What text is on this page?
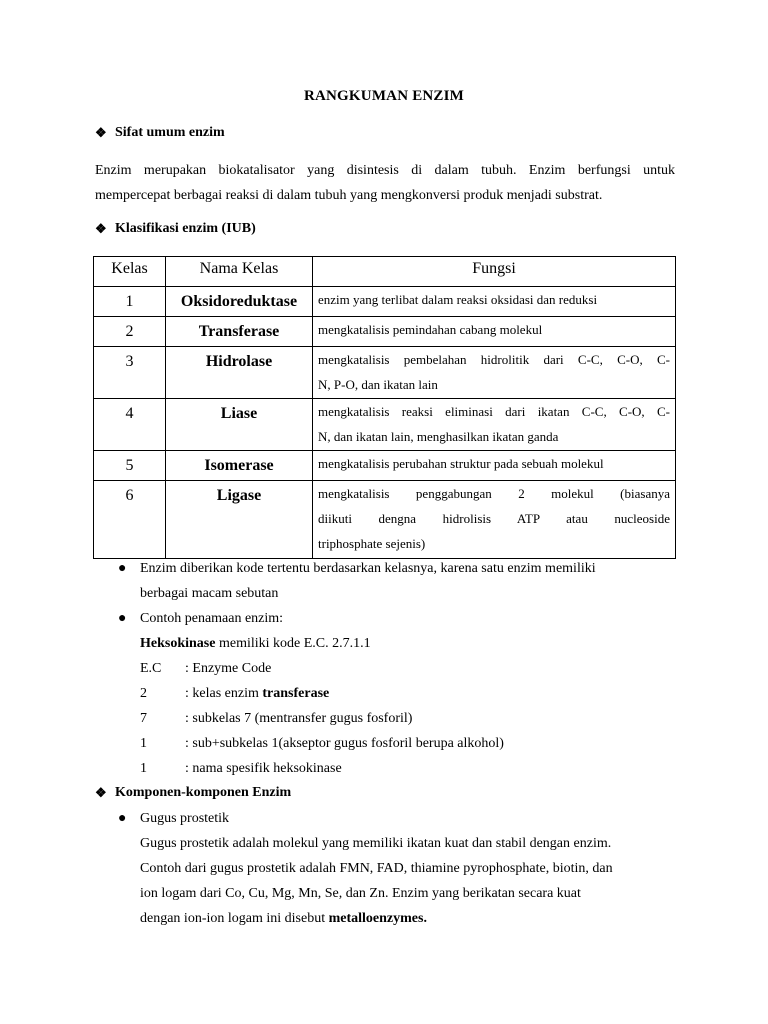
RANGKUMAN ENZIM
❖ Sifat umum enzim
Enzim merupakan biokatalisator yang disintesis di dalam tubuh. Enzim berfungsi untuk
mempercepat berbagai reaksi di dalam tubuh yang mengkonversi produk menjadi substrat.
❖ Klasifikasi enzim (IUB)
Kelas	Nama Kelas	Fungsi
1	Oksidoreduktase	enzim yang terlibat dalam reaksi oksidasi dan reduksi
2	Transferase	mengkatalisis pemindahan cabang molekul
3	Hidrolase	mengkatalisis pembelahan hidrolitik dari C-C, C-O, C-
N, P-O, dan ikatan lain

4	Liase	mengkatalisis reaksi eliminasi dari ikatan C-C, C-O, C-
N, dan ikatan lain, menghasilkan ikatan ganda

5	Isomerase	mengkatalisis perubahan struktur pada sebuah molekul
6	Ligase	mengkatalisis penggabungan 2 molekul (biasanya
diikuti dengna hidrolisis ATP atau nucleoside
triphosphate sejenis)
● Enzim diberikan kode tertentu berdasarkan kelasnya, karena satu enzim memiliki
berbagai macam sebutan
● Contoh penamaan enzim:
Heksokinase memiliki kode E.C. 2.7.1.1
E.C : Enzyme Code
2	: kelas enzim transferase
7	: subkelas 7 (mentransfer gugus fosforil)
1	: sub+subkelas 1(akseptor gugus fosforil berupa alkohol)
1	: nama spesifik heksokinase
❖ Komponen-komponen Enzim
● Gugus prostetik
Gugus prostetik adalah molekul yang memiliki ikatan kuat dan stabil dengan enzim.
Contoh dari gugus prostetik adalah FMN, FAD, thiamine pyrophosphate, biotin, dan
ion logam dari Co, Cu, Mg, Mn, Se, dan Zn. Enzim yang berikatan secara kuat
dengan ion-ion logam ini disebut metalloenzymes.
